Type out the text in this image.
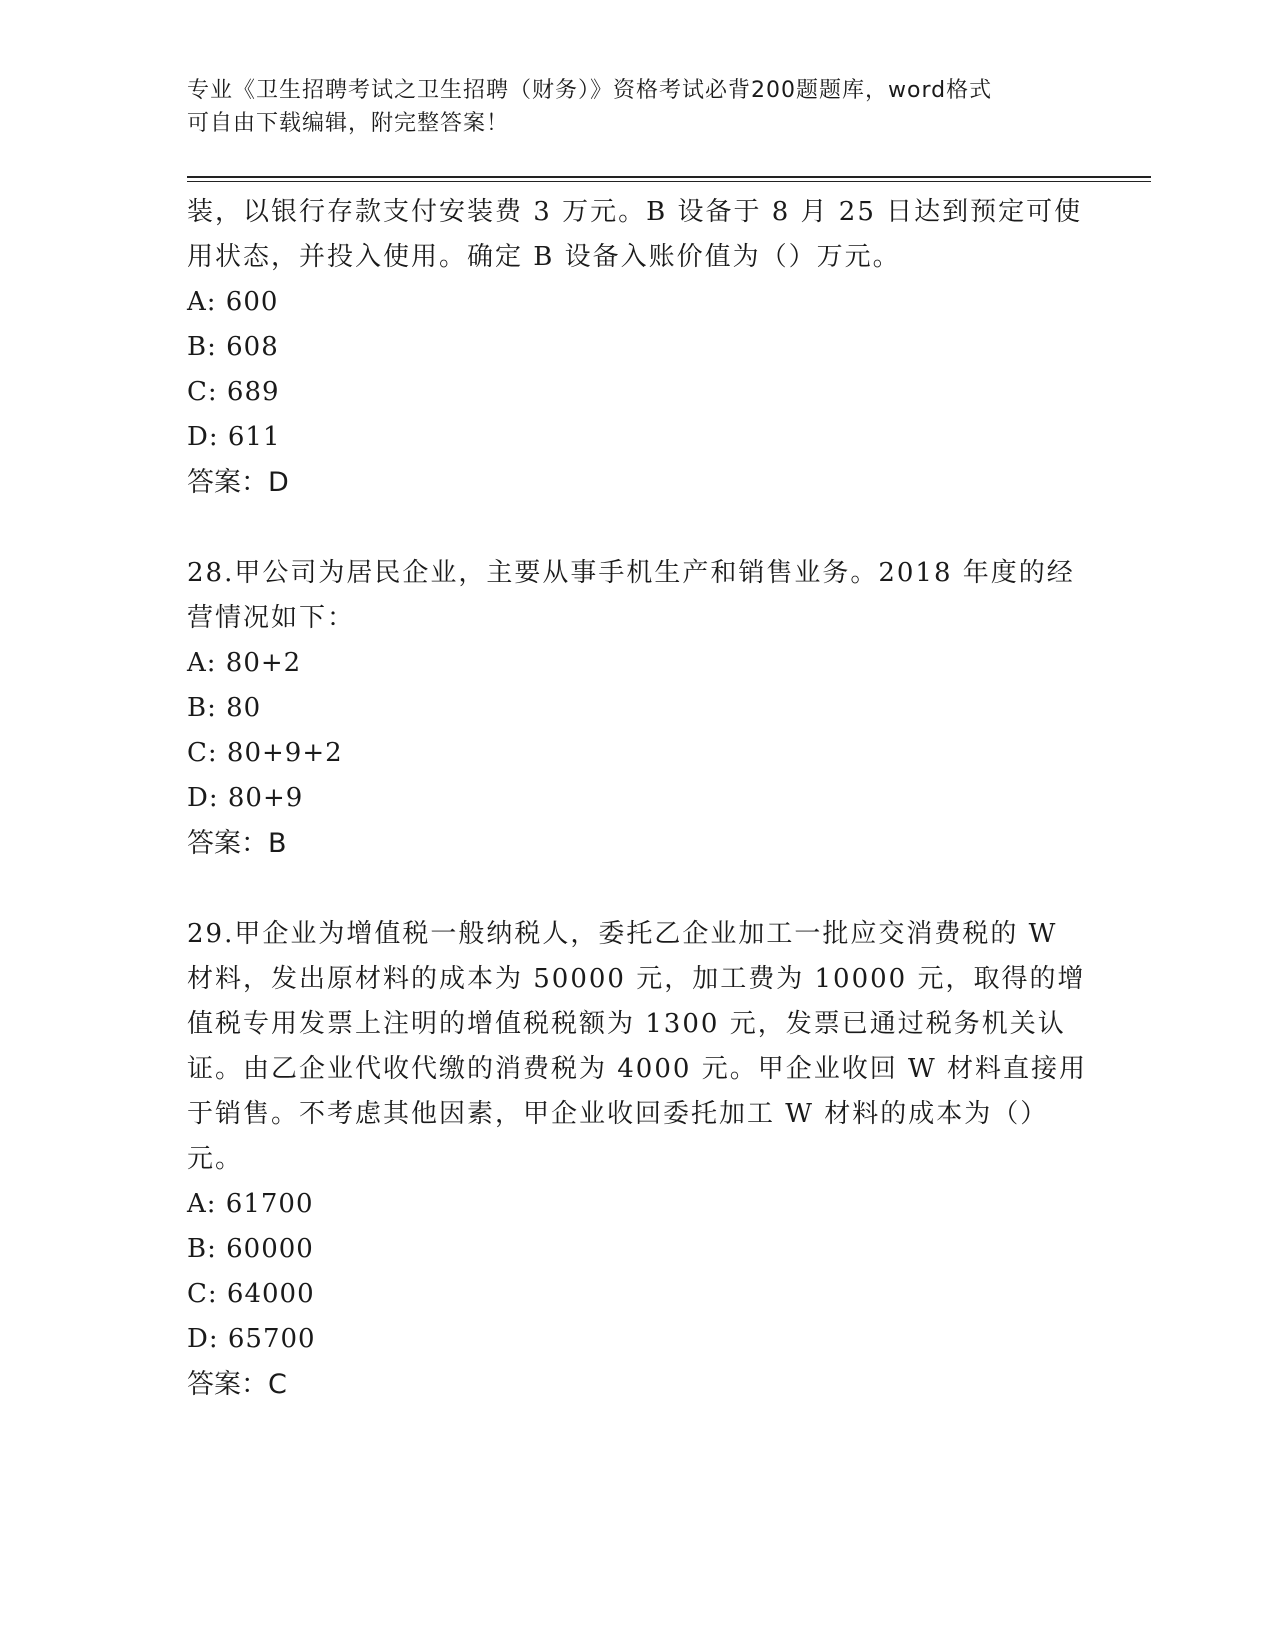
专业《卫生招聘考试之卫生招聘（财务）》资格考试必背200题题库，word格式
可自由下载编辑，附完整答案！

装，以银行存款支付安装费 3 万元。B 设备于 8 月 25 日达到预定可使
用状态，并投入使用。确定 B 设备入账价值为（）万元。

A: 600

B: 608

C: 689

D: 611

答案：D

28.甲公司为居民企业，主要从事手机生产和销售业务。2018 年度的经
营情况如下：

A: 80+2

B: 80

C: 80+9+2

D: 80+9

答案：B

29.甲企业为增值税一般纳税人，委托乙企业加工一批应交消费税的 W
材料，发出原材料的成本为 50000 元，加工费为 10000 元，取得的增
值税专用发票上注明的增值税税额为 1300 元，发票已通过税务机关认
证。由乙企业代收代缴的消费税为 4000 元。甲企业收回 W 材料直接用
于销售。不考虑其他因素，甲企业收回委托加工 W 材料的成本为（）
元。

A: 61700

B: 60000

C: 64000

D: 65700

答案：C
